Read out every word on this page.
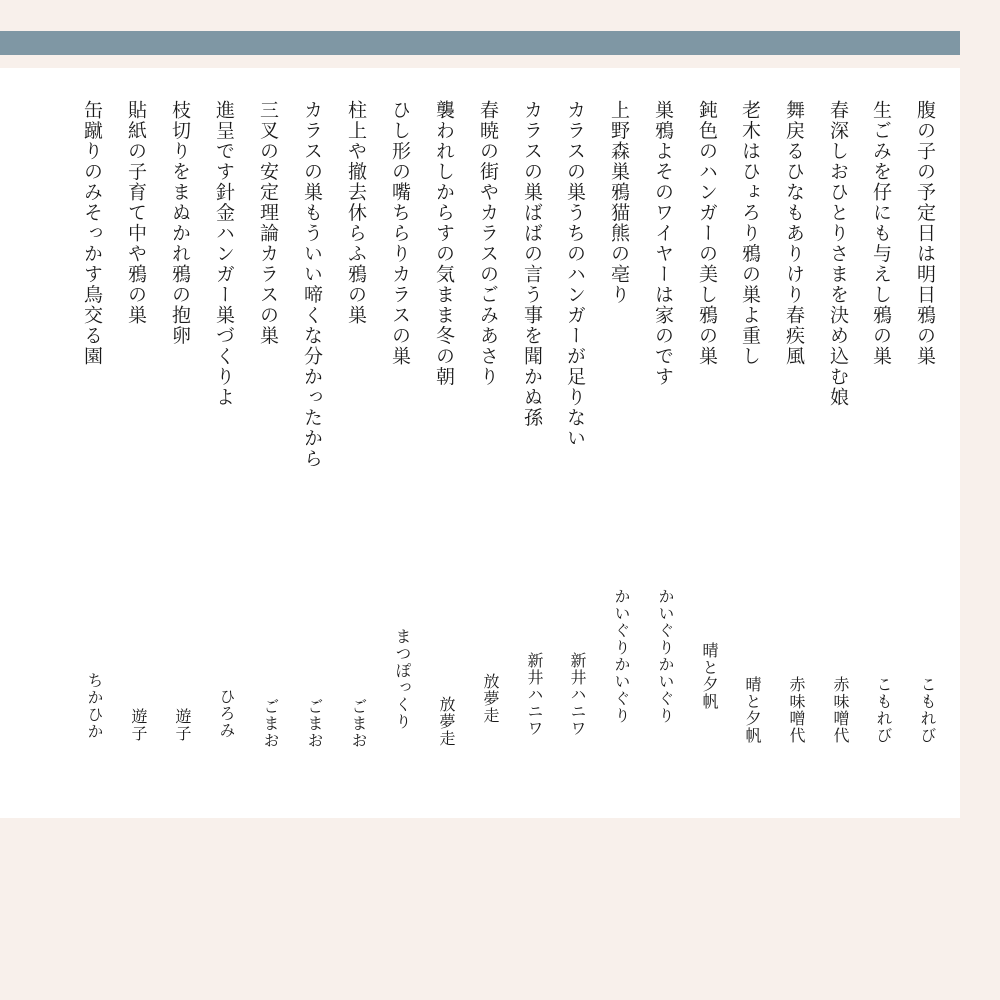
腹の子の予定日は明日鴉の巣
生ごみを仔にも与えし鴉の巣
春深しおひとりさまを決め込む娘
舞戻るひなもありけり春疾風
老木はひょろり鴉の巣よ重し
鈍色のハンガーの美し鴉の巣
巣鴉よそのワイヤーは家のです
上野森巣鴉猫熊の亳り
カラスの巣うちのハンガーが足りない
カラスの巣ばばの言う事を聞かぬ孫
春暁の街やカラスのごみあさり
襲われしからすの気まま冬の朝
ひし形の嘴ちらりカラスの巣
柱上や撤去休らふ鴉の巣
カラスの巣もういい啼くな分かったから
三叉の安定理論カラスの巣
進呈です針金ハンガー巣づくりよ
枝切りをまぬかれ鴉の抱卵
貼紙の子育て中や鴉の巣
缶蹴りのみそっかす鳥交る園
こもれび
こもれび
赤味噌代
赤味噌代
晴と夕帆
晴と夕帆
かいぐりかいぐり
かいぐりかいぐり
新井ハニワ
新井ハニワ
放夢走
放夢走
まつぽっくり
ごまお
ごまお
ごまお
ひろみ
遊子
遊子
ちかひか
